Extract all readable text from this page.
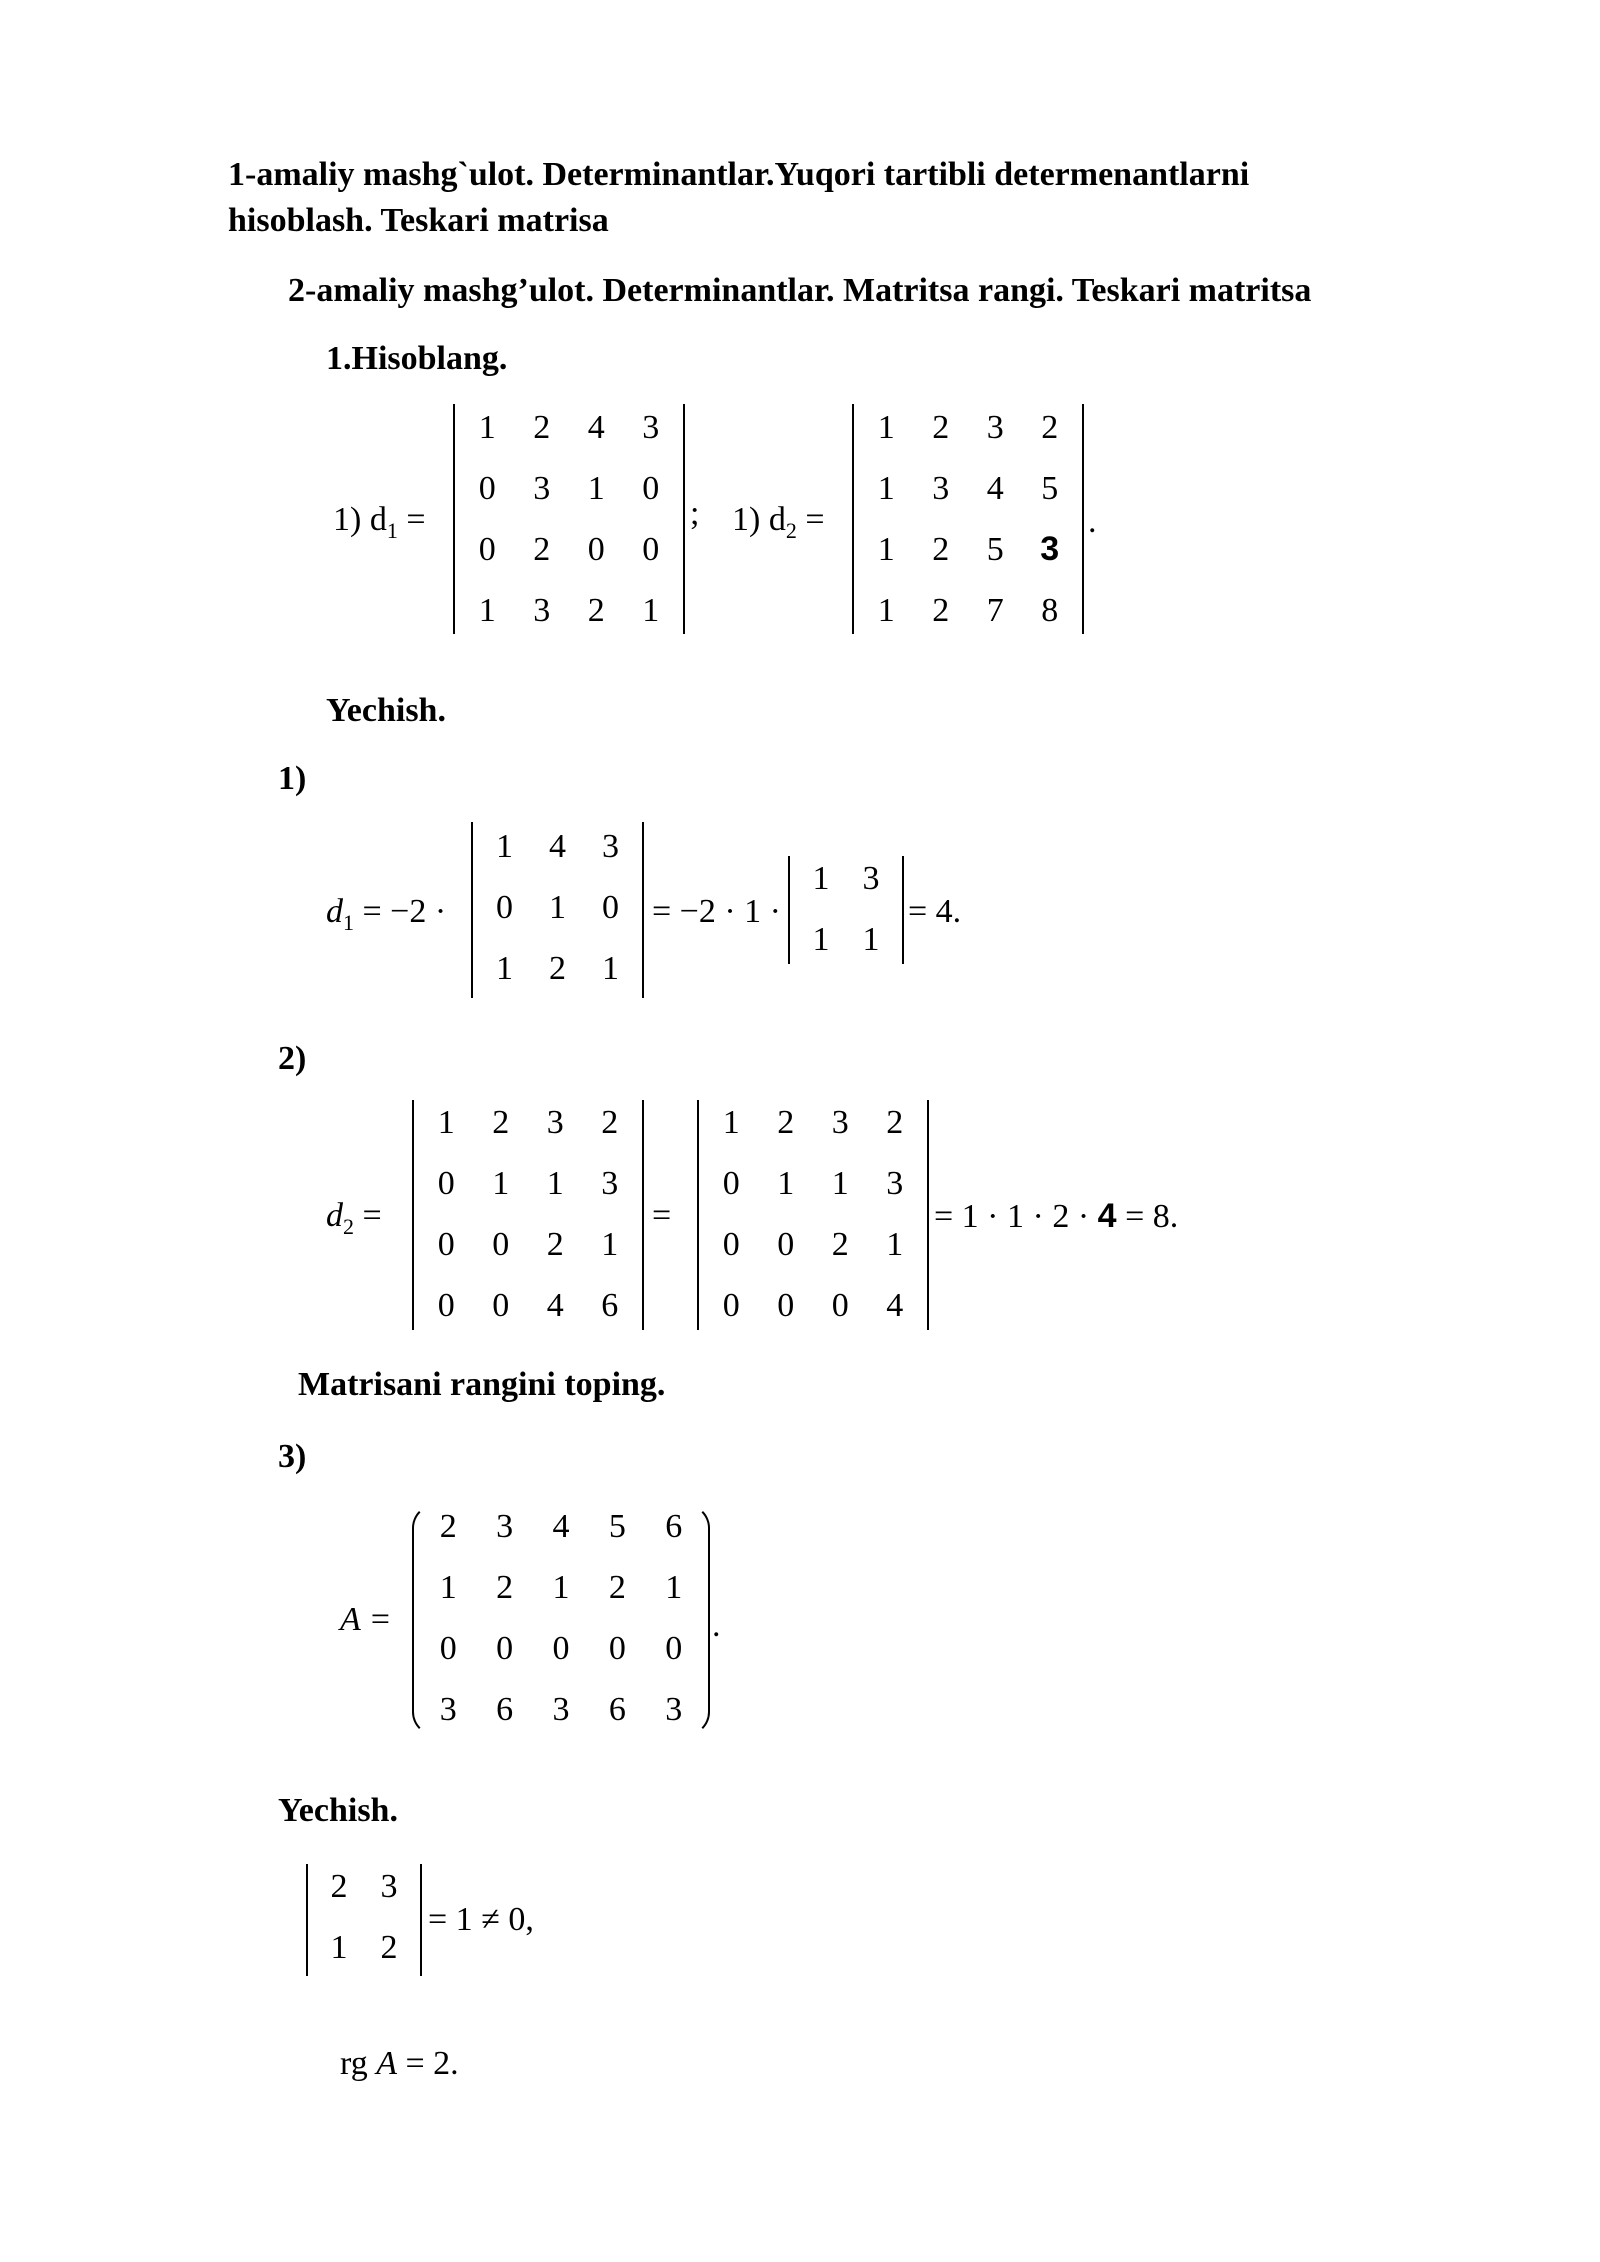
1-amaliy mashg`ulot. Determinantlar.Yuqori tartibli determenantlarni
hisoblash. Teskari matrisa
2-amaliy mashg’ulot. Determinantlar. Matritsa rangi. Teskari matritsa
1.Hisoblang.
1) $d_1$ =
1	2	4	3
0	3	1	0
0	2	0	0
1	3	2	1
; 1) $d_2$ =
1	2	3	2
1	3	4	5
1	2	5	3
1	2	7	8
.
Yechish.
1)
$d_1 = -2$ ·
1	4	3
0	1	0
1	2	1
= −2 · 1 ·
1 3
1 1
= 4.
2)
$d_2$ =
1	2	3	2
0	1	1	3
0	0	2	1
0	0	4	6
=
1	2	3	2
0	1	1	3
0	0	2	1
0	0	0	4
= 1 · 1 · 2 · 4 = 8.
Matrisani rangini toping.
3)
A =
2	3	4	5	6
1	2	1	2	1
0	0	0	0	0
3	6	3	6	3
.
Yechish.
2 3
1 2
= 1 ≠ 0,
rg A = 2.
